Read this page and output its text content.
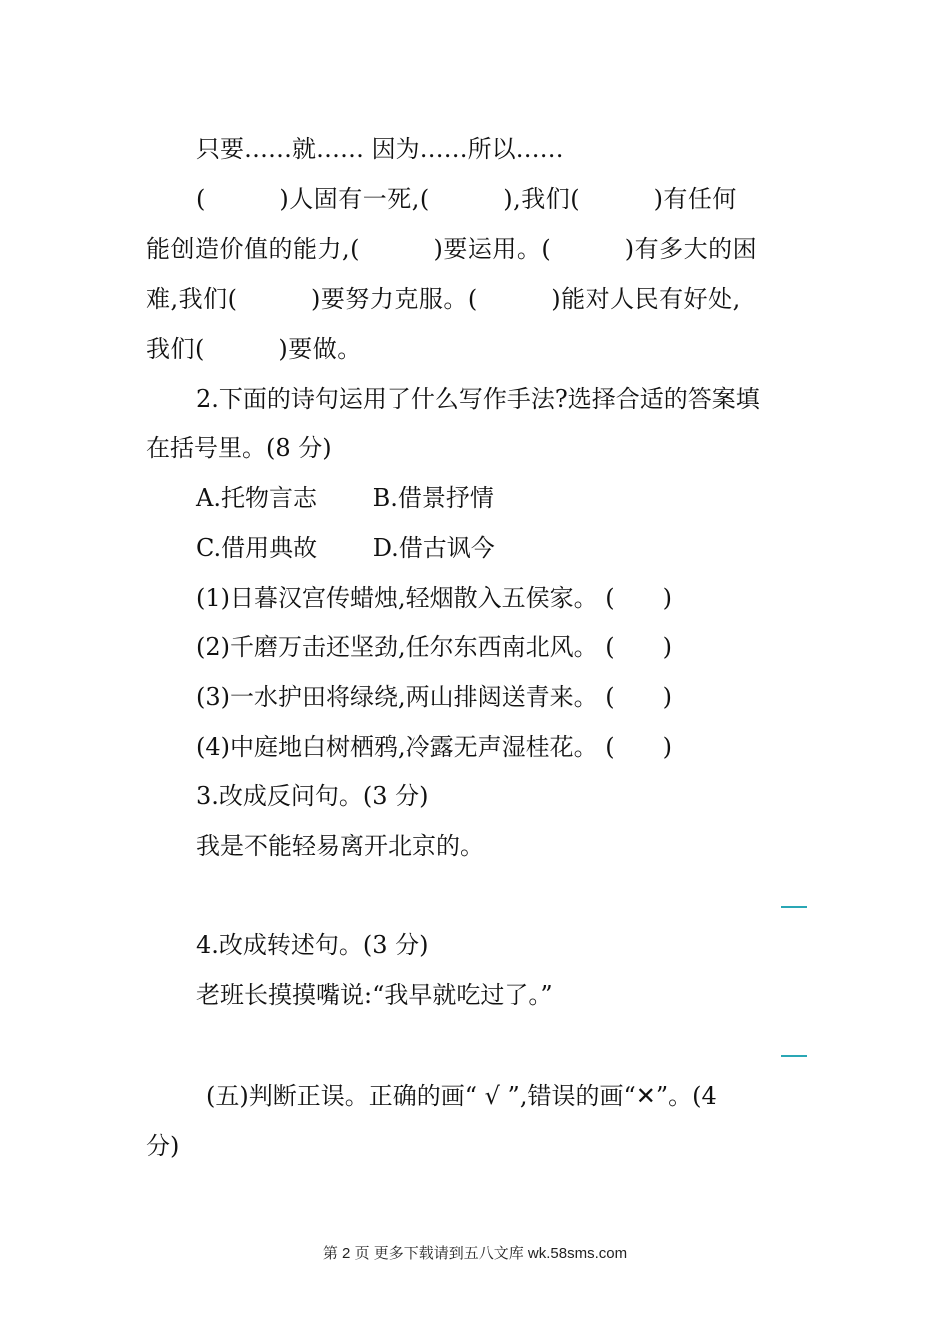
只要……就…… 因为……所以……
(　　　)人固有一死,(　　　),我们(　　　)有任何
能创造价值的能力,(　　　)要运用。(　　　)有多大的困
难,我们(　　　)要努力克服。(　　　)能对人民有好处,
我们(　　　)要做。
2.下面的诗句运用了什么写作手法?选择合适的答案填
在括号里。(8 分)
A.托物言志　　 B.借景抒情
C.借用典故　　 D.借古讽今
(1)日暮汉宫传蜡烛,轻烟散入五侯家。 (　　)
(2)千磨万击还坚劲,任尔东西南北风。 (　　)
(3)一水护田将绿绕,两山排闼送青来。 (　　)
(4)中庭地白树栖鸦,冷露无声湿桂花。 (　　)
3.改成反问句。(3 分)
我是不能轻易离开北京的。
4.改成转述句。(3 分)
老班长摸摸嘴说:“我早就吃过了。”
(五)判断正误。正确的画“ √ ”,错误的画“✕”。(4
分)
第 2 页 更多下载请到五八文库 wk.58sms.com
